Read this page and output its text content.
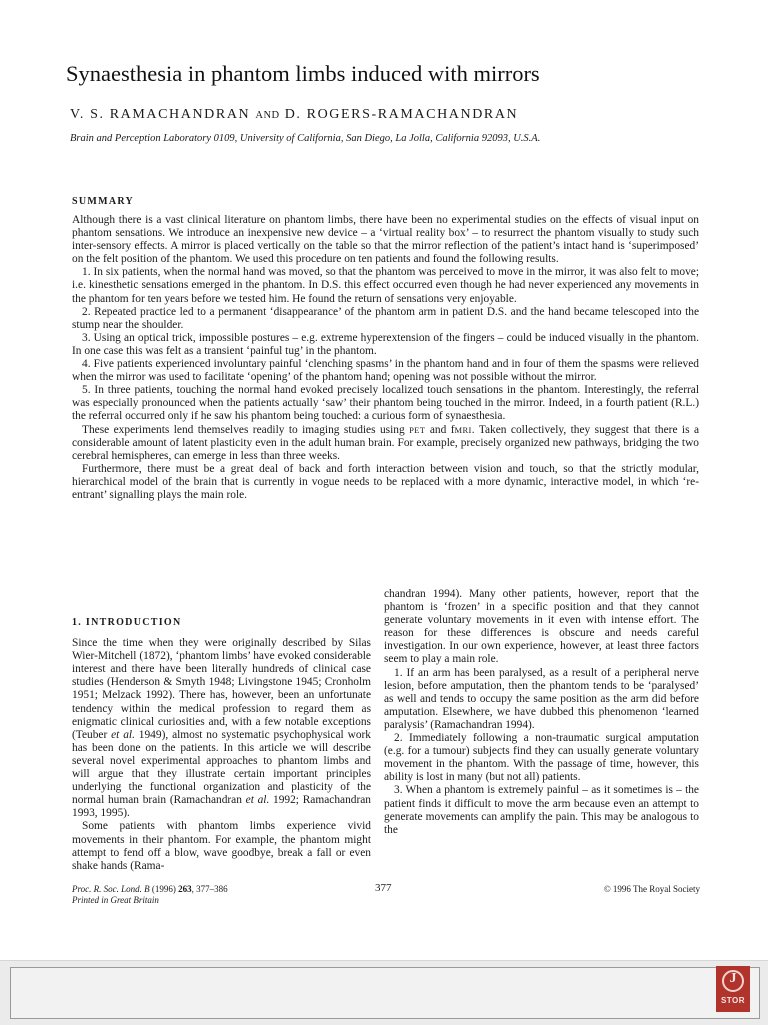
Synaesthesia in phantom limbs induced with mirrors

V. S. RAMACHANDRAN AND D. ROGERS-RAMACHANDRAN

Brain and Perception Laboratory 0109, University of California, San Diego, La Jolla, California 92093, U.S.A.

SUMMARY

Although there is a vast clinical literature on phantom limbs, there have been no experimental studies on the effects of visual input on phantom sensations. We introduce an inexpensive new device – a ‘virtual reality box’ – to resurrect the phantom visually to study such inter-sensory effects. A mirror is placed vertically on the table so that the mirror reflection of the patient’s intact hand is ‘superimposed’ on the felt position of the phantom. We used this procedure on ten patients and found the following results.

1. In six patients, when the normal hand was moved, so that the phantom was perceived to move in the mirror, it was also felt to move; i.e. kinesthetic sensations emerged in the phantom. In D.S. this effect occurred even though he had never experienced any movements in the phantom for ten years before we tested him. He found the return of sensations very enjoyable.

2. Repeated practice led to a permanent ‘disappearance’ of the phantom arm in patient D.S. and the hand became telescoped into the stump near the shoulder.

3. Using an optical trick, impossible postures – e.g. extreme hyperextension of the fingers – could be induced visually in the phantom. In one case this was felt as a transient ‘painful tug’ in the phantom.

4. Five patients experienced involuntary painful ‘clenching spasms’ in the phantom hand and in four of them the spasms were relieved when the mirror was used to facilitate ‘opening’ of the phantom hand; opening was not possible without the mirror.

5. In three patients, touching the normal hand evoked precisely localized touch sensations in the phantom. Interestingly, the referral was especially pronounced when the patients actually ‘saw’ their phantom being touched in the mirror. Indeed, in a fourth patient (R.L.) the referral occurred only if he saw his phantom being touched: a curious form of synaesthesia.

These experiments lend themselves readily to imaging studies using PET and fMRI. Taken collectively, they suggest that there is a considerable amount of latent plasticity even in the adult human brain. For example, precisely organized new pathways, bridging the two cerebral hemispheres, can emerge in less than three weeks.

Furthermore, there must be a great deal of back and forth interaction between vision and touch, so that the strictly modular, hierarchical model of the brain that is currently in vogue needs to be replaced with a more dynamic, interactive model, in which ‘re-entrant’ signalling plays the main role.

1. INTRODUCTION

Since the time when they were originally described by Silas Wier-Mitchell (1872), ‘phantom limbs’ have evoked considerable interest and there have been literally hundreds of clinical case studies (Henderson & Smyth 1948; Livingstone 1945; Cronholm 1951; Melzack 1992). There has, however, been an unfortunate tendency within the medical profession to regard them as enigmatic clinical curiosities and, with a few notable exceptions (Teuber et al. 1949), almost no systematic psychophysical work has been done on the patients. In this article we will describe several novel experimental approaches to phantom limbs and will argue that they illustrate certain important principles underlying the functional organization and plasticity of the normal human brain (Ramachandran et al. 1992; Ramachandran 1993, 1995).

Some patients with phantom limbs experience vivid movements in their phantom. For example, the phantom might attempt to fend off a blow, wave goodbye, break a fall or even shake hands (Rama-

chandran 1994). Many other patients, however, report that the phantom is ‘frozen’ in a specific position and that they cannot generate voluntary movements in it even with intense effort. The reason for these differences is obscure and needs careful investigation. In our own experience, however, at least three factors seem to play a main role.

1. If an arm has been paralysed, as a result of a peripheral nerve lesion, before amputation, then the phantom tends to be ‘paralysed’ as well and tends to occupy the same position as the arm did before amputation. Elsewhere, we have dubbed this phenomenon ‘learned paralysis’ (Ramachandran 1994).

2. Immediately following a non-traumatic surgical amputation (e.g. for a tumour) subjects find they can usually generate voluntary movement in the phantom. With the passage of time, however, this ability is lost in many (but not all) patients.

3. When a phantom is extremely painful – as it sometimes is – the patient finds it difficult to move the arm because even an attempt to generate movements can amplify the pain. This may be analogous to the

Proc. R. Soc. Lond. B (1996) 263, 377–386
Printed in Great Britain
377	© 1996 The Royal Society
J
STOR
